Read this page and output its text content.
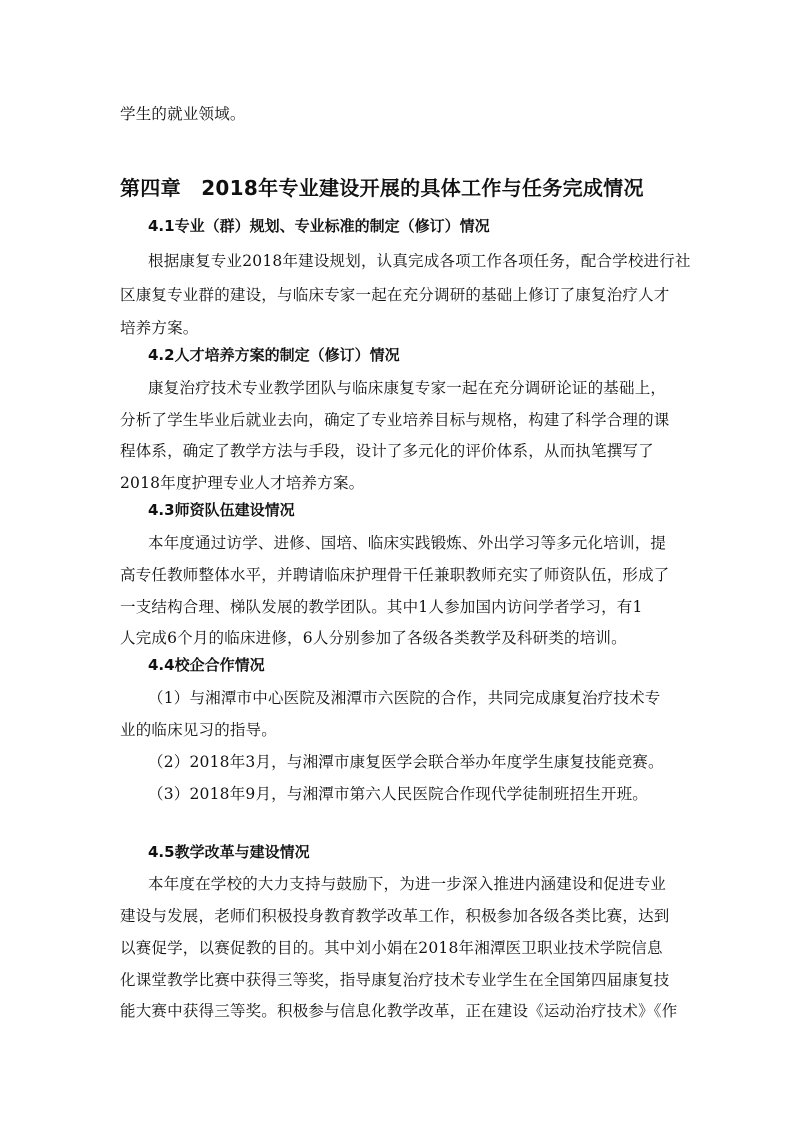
学生的就业领域。
第四章　2018年专业建设开展的具体工作与任务完成情况
4.1专业（群）规划、专业标准的制定（修订）情况
根据康复专业2018年建设规划，认真完成各项工作各项任务，配合学校进行社
区康复专业群的建设，与临床专家一起在充分调研的基础上修订了康复治疗人才
培养方案。
4.2人才培养方案的制定（修订）情况
康复治疗技术专业教学团队与临床康复专家一起在充分调研论证的基础上，
分析了学生毕业后就业去向，确定了专业培养目标与规格，构建了科学合理的课
程体系，确定了教学方法与手段，设计了多元化的评价体系，从而执笔撰写了
2018年度护理专业人才培养方案。
4.3师资队伍建设情况
本年度通过访学、进修、国培、临床实践锻炼、外出学习等多元化培训，提
高专任教师整体水平，并聘请临床护理骨干任兼职教师充实了师资队伍，形成了
一支结构合理、梯队发展的教学团队。其中1人参加国内访问学者学习，有1
人完成6个月的临床进修，6人分别参加了各级各类教学及科研类的培训。
4.4校企合作情况
（1）与湘潭市中心医院及湘潭市六医院的合作，共同完成康复治疗技术专
业的临床见习的指导。
（2）2018年3月，与湘潭市康复医学会联合举办年度学生康复技能竞赛。
（3）2018年9月，与湘潭市第六人民医院合作现代学徒制班招生开班。
4.5教学改革与建设情况
本年度在学校的大力支持与鼓励下，为进一步深入推进内涵建设和促进专业
建设与发展，老师们积极投身教育教学改革工作，积极参加各级各类比赛，达到
以赛促学，以赛促教的目的。其中刘小娟在2018年湘潭医卫职业技术学院信息
化课堂教学比赛中获得三等奖，指导康复治疗技术专业学生在全国第四届康复技
能大赛中获得三等奖。积极参与信息化教学改革，正在建设《运动治疗技术》《作
